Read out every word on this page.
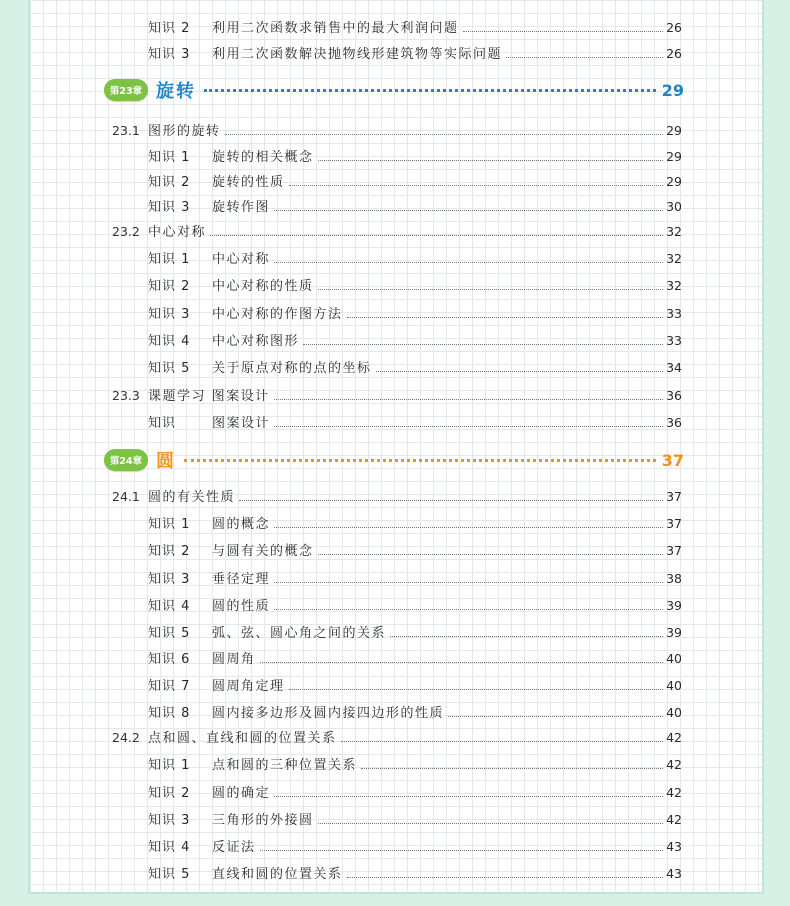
知识 2	利用二次函数求销售中的最大利润问题	26
知识 3	利用二次函数解决抛物线形建筑物等实际问题	26
第23章 旋转	29
23.1 图形的旋转	29
知识 1	旋转的相关概念	29
知识 2	旋转的性质	29
知识 3	旋转作图	30
23.2 中心对称	32
知识 1	中心对称	32
知识 2	中心对称的性质	32
知识 3	中心对称的作图方法	33
知识 4	中心对称图形	33
知识 5	关于原点对称的点的坐标	34
23.3 课题学习 图案设计	36
知识	图案设计	36
第24章 圆	37
24.1 圆的有关性质	37
知识 1	圆的概念	37
知识 2	与圆有关的概念	37
知识 3	垂径定理	38
知识 4	圆的性质	39
知识 5	弧、弦、圆心角之间的关系	39
知识 6	圆周角	40
知识 7	圆周角定理	40
知识 8	圆内接多边形及圆内接四边形的性质	40
24.2 点和圆、直线和圆的位置关系	42
知识 1	点和圆的三种位置关系	42
知识 2	圆的确定	42
知识 3	三角形的外接圆	42
知识 4	反证法	43
知识 5	直线和圆的位置关系	43
